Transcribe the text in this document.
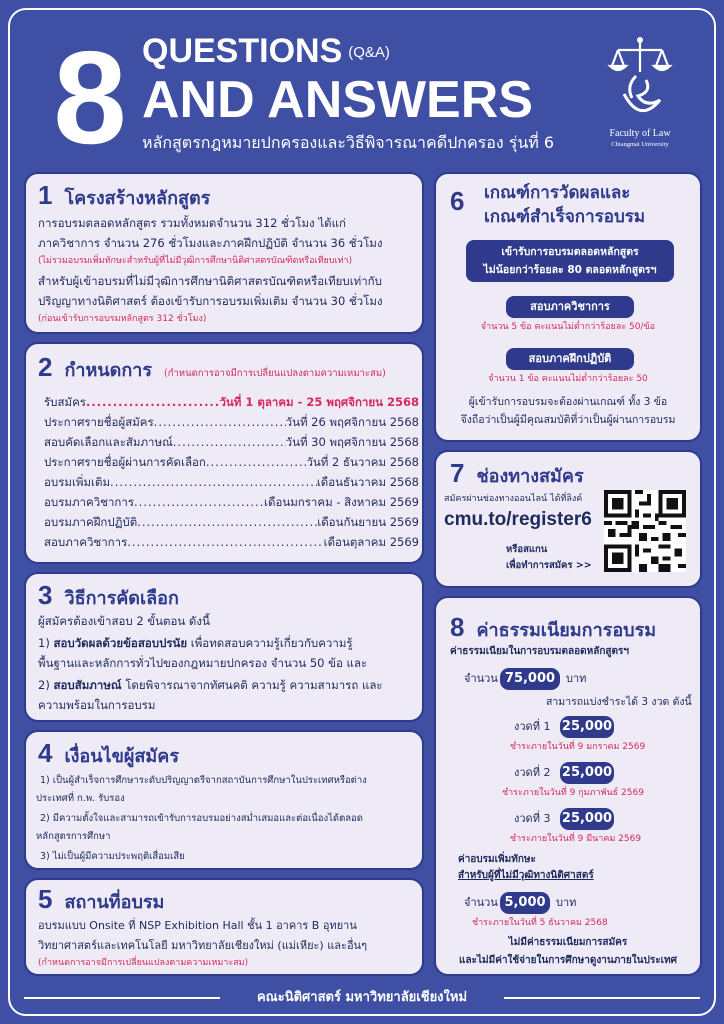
8 QUESTIONS (Q&A)
AND ANSWERS
หลักสูตรกฎหมายปกครองและวิธีพิจารณาคดีปกครอง รุ่นที่ 6	Faculty of Law
Chiangmai University
1 โครงสร้างหลักสูตร
การอบรมตลอดหลักสูตร รวมทั้งหมดจำนวน 312 ชั่วโมง ได้แก่
ภาควิชาการ จำนวน 276 ชั่วโมงและภาคฝึกปฏิบัติ จำนวน 36 ชั่วโมง
(ไม่รวมอบรมเพิ่มทักษะสำหรับผู้ที่ไม่มีวุฒิการศึกษานิติศาสตรบัณฑิตหรือเทียบเท่า)
สำหรับผู้เข้าอบรมที่ไม่มีวุฒิการศึกษานิติศาสตรบัณฑิตหรือเทียบเท่ากับ
ปริญญาทางนิติศาสตร์ ต้องเข้ารับการอบรมเพิ่มเติม จำนวน 30 ชั่วโมง
(ก่อนเข้ารับการอบรมหลักสูตร 312 ชั่วโมง)
2 กำหนดการ (กำหนดการอาจมีการเปลี่ยนแปลงตามความเหมาะสม)
รับสมัคร .....	วันที่ 1 ตุลาคม - 25 พฤศจิกายน 2568
ประกาศรายชื่อผู้สมัคร .....	วันที่ 26 พฤศจิกายน 2568
สอบคัดเลือกและสัมภาษณ์ .....	วันที่ 30 พฤศจิกายน 2568
ประกาศรายชื่อผู้ผ่านการคัดเลือก .....	วันที่ 2 ธันวาคม 2568
อบรมเพิ่มเติม .....	เดือนธันวาคม 2568
อบรมภาควิชาการ .....	เดือนมกราคม - สิงหาคม 2569
อบรมภาคฝึกปฏิบัติ .....	เดือนกันยายน 2569
สอบภาควิชาการ .....	เดือนตุลาคม 2569
3 วิธีการคัดเลือก
ผู้สมัครต้องเข้าสอบ 2 ขั้นตอน ดังนี้
1) สอบวัดผลด้วยข้อสอบปรนัย เพื่อทดสอบความรู้เกี่ยวกับความรู้
พื้นฐานและหลักการทั่วไปของกฎหมายปกครอง จำนวน 50 ข้อ และ
2) สอบสัมภาษณ์ โดยพิจารณาจากทัศนคติ ความรู้ ความสามารถ และ
ความพร้อมในการอบรม
4 เงื่อนไขผู้สมัคร
1) เป็นผู้สำเร็จการศึกษาระดับปริญญาตรีจากสถาบันการศึกษาในประเทศหรือต่าง
ประเทศที่ ก.พ. รับรอง
2) มีความตั้งใจและสามารถเข้ารับการอบรมอย่างสม่ำเสมอและต่อเนื่องได้ตลอด
หลักสูตรการศึกษา
3) ไม่เป็นผู้มีความประพฤติเสื่อมเสีย
5 สถานที่อบรม
อบรมแบบ Onsite ที่ NSP Exhibition Hall ชั้น 1 อาคาร B อุทยาน
วิทยาศาสตร์และเทคโนโลยี มหาวิทยาลัยเชียงใหม่ (แม่เหียะ) และอื่นๆ
(กำหนดการอาจมีการเปลี่ยนแปลงตามความเหมาะสม)
6 เกณฑ์การวัดผลและ
เกณฑ์สำเร็จการอบรม
เข้ารับการอบรมตลอดหลักสูตร
ไม่น้อยกว่าร้อยละ 80 ตลอดหลักสูตรฯ
สอบภาควิชาการ
จำนวน 5 ข้อ คะแนนไม่ต่ำกว่าร้อยละ 50/ข้อ
สอบภาคฝึกปฏิบัติ
จำนวน 1 ข้อ คะแนนไม่ต่ำกว่าร้อยละ 50
ผู้เข้ารับการอบรมจะต้องผ่านเกณฑ์ ทั้ง 3 ข้อ
จึงถือว่าเป็นผู้มีคุณสมบัติที่ว่าเป็นผู้ผ่านการอบรม
7 ช่องทางสมัคร
สมัครผ่านช่องทางออนไลน์ ได้ที่ลิงค์
cmu.to/register6
หรือสแกน
เพื่อทำการสมัคร >>
8 ค่าธรรมเนียมการอบรม
ค่าธรรมเนียมในการอบรมตลอดหลักสูตรฯ
จำนวน 75,000 บาท
สามารถแบ่งชำระได้ 3 งวด ดังนี้
งวดที่ 1 25,000
ชำระภายในวันที่ 9 มกราคม 2569
งวดที่ 2 25,000
ชำระภายในวันที่ 9 กุมภาพันธ์ 2569
งวดที่ 3 25,000
ชำระภายในวันที่ 9 มีนาคม 2569
ค่าอบรมเพิ่มทักษะ
สำหรับผู้ที่ไม่มีวุฒิทางนิติศาสตร์
จำนวน 5,000 บาท
ชำระภายในวันที่ 5 ธันวาคม 2568
ไม่มีค่าธรรมเนียมการสมัคร
และไม่มีค่าใช้จ่ายในการศึกษาดูงานภายในประเทศ
คณะนิติศาสตร์ มหาวิทยาลัยเชียงใหม่
